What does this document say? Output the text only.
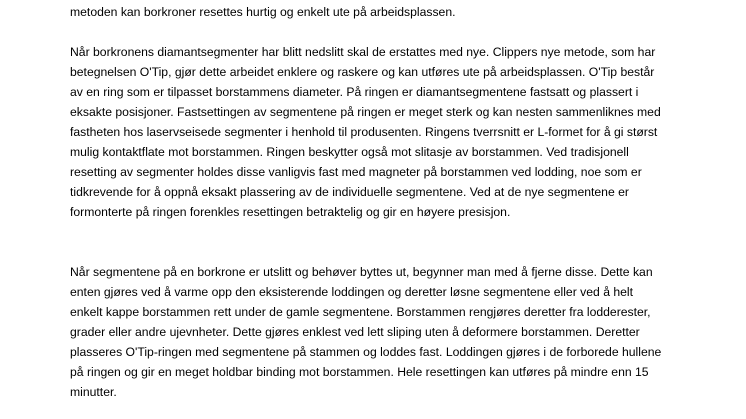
metoden kan borkroner resettes hurtig og enkelt ute på arbeidsplassen.

Når borkronens diamantsegmenter har blitt nedslitt skal de erstattes med nye. Clippers nye metode, som har
betegnelsen O'Tip, gjør dette arbeidet enklere og raskere og kan utføres ute på arbeidsplassen. O'Tip består
av en ring som er tilpasset borstammens diameter. På ringen er diamantsegmentene fastsatt og plassert i
eksakte posisjoner. Fastsettingen av segmentene på ringen er meget sterk og kan nesten sammenliknes med
fastheten hos laservseisede segmenter i henhold til produsenten. Ringens tverrsnitt er L-formet for å gi størst
mulig kontaktflate mot borstammen. Ringen beskytter også mot slitasje av borstammen. Ved tradisjonell
resetting av segmenter holdes disse vanligvis fast med magneter på borstammen ved lodding, noe som er
tidkrevende for å oppnå eksakt plassering av de individuelle segmentene. Ved at de nye segmentene er
formonterte på ringen forenkles resettingen betraktelig og gir en høyere presisjon.

Når segmentene på en borkrone er utslitt og behøver byttes ut, begynner man med å fjerne disse. Dette kan
enten gjøres ved å varme opp den eksisterende loddingen og deretter løsne segmentene eller ved å helt
enkelt kappe borstammen rett under de gamle segmentene. Borstammen rengjøres deretter fra lodderester,
grader eller andre ujevnheter. Dette gjøres enklest ved lett sliping uten å deformere borstammen. Deretter
plasseres O'Tip-ringen med segmentene på stammen og loddes fast. Loddingen gjøres i de forborede hullene
på ringen og gir en meget holdbar binding mot borstammen. Hele resettingen kan utføres på mindre enn 15
minutter.
